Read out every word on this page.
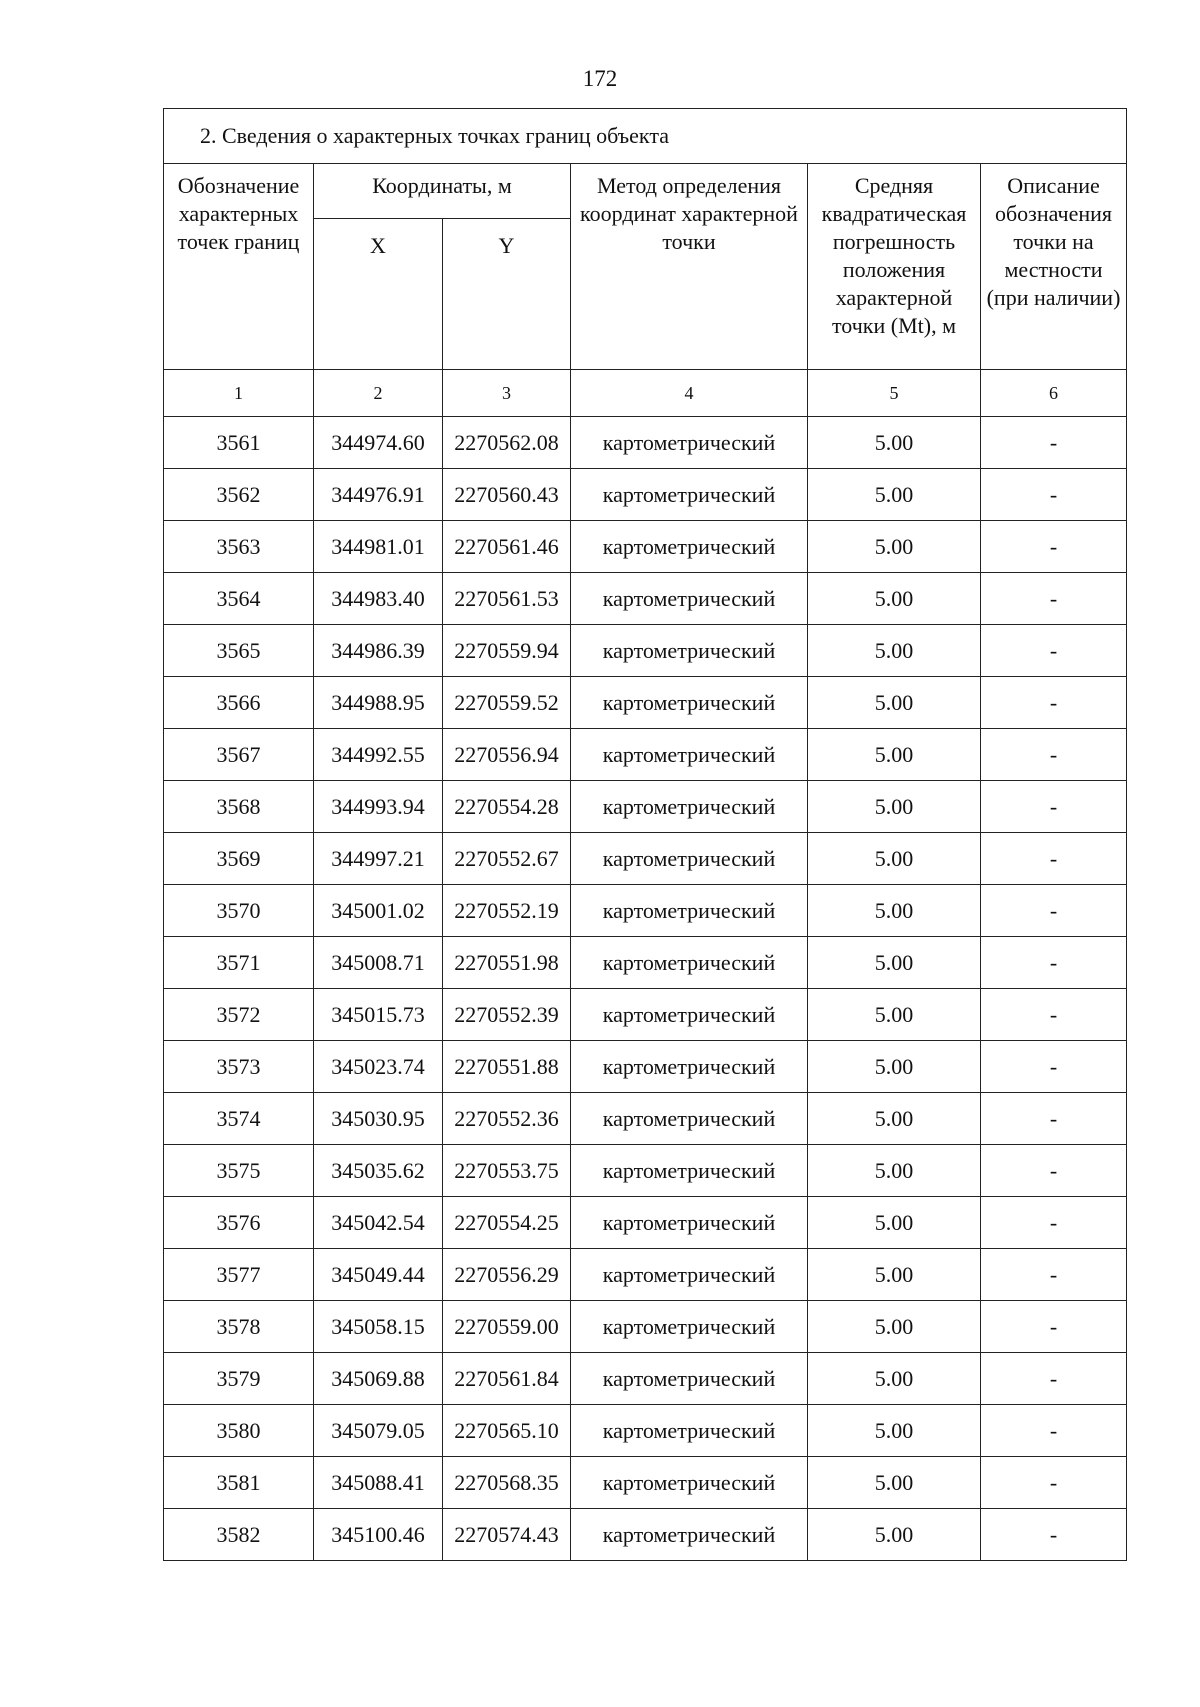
172
2. Сведения о характерных точках границ объекта					
Обозначение характерных точек границ	Координаты, м		Метод определения координат характерной точки	Средняя квадратическая погрешность положения характерной точки (Mt), м	Описание обозначения точки на местности (при наличии)
	X	Y			
1	2	3	4	5	6
3561	344974.60	2270562.08	картометрический	5.00	-
3562	344976.91	2270560.43	картометрический	5.00	-
3563	344981.01	2270561.46	картометрический	5.00	-
3564	344983.40	2270561.53	картометрический	5.00	-
3565	344986.39	2270559.94	картометрический	5.00	-
3566	344988.95	2270559.52	картометрический	5.00	-
3567	344992.55	2270556.94	картометрический	5.00	-
3568	344993.94	2270554.28	картометрический	5.00	-
3569	344997.21	2270552.67	картометрический	5.00	-
3570	345001.02	2270552.19	картометрический	5.00	-
3571	345008.71	2270551.98	картометрический	5.00	-
3572	345015.73	2270552.39	картометрический	5.00	-
3573	345023.74	2270551.88	картометрический	5.00	-
3574	345030.95	2270552.36	картометрический	5.00	-
3575	345035.62	2270553.75	картометрический	5.00	-
3576	345042.54	2270554.25	картометрический	5.00	-
3577	345049.44	2270556.29	картометрический	5.00	-
3578	345058.15	2270559.00	картометрический	5.00	-
3579	345069.88	2270561.84	картометрический	5.00	-
3580	345079.05	2270565.10	картометрический	5.00	-
3581	345088.41	2270568.35	картометрический	5.00	-
3582	345100.46	2270574.43	картометрический	5.00	-
